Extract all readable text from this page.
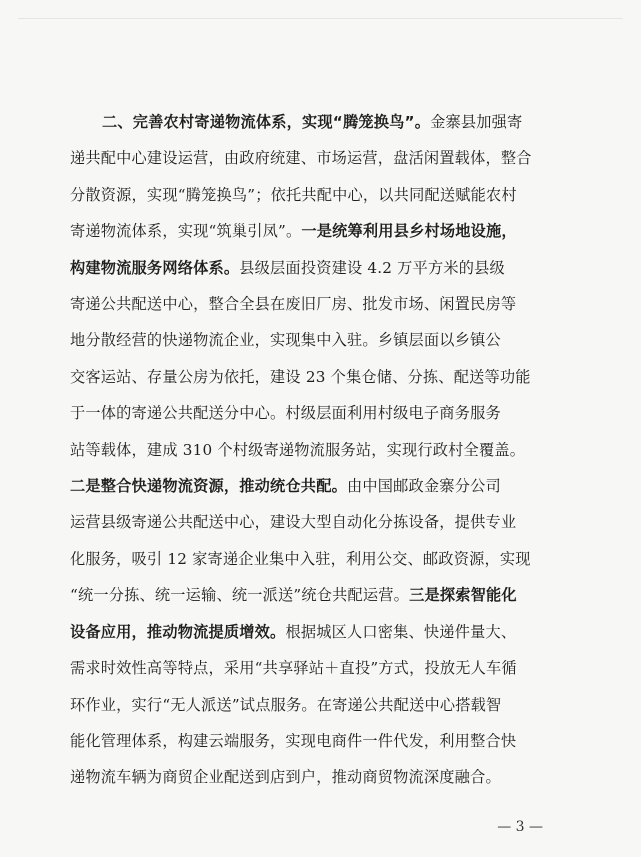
二、完善农村寄递物流体系，实现“腾笼换鸟”。金寨县加强寄
递共配中心建设运营，由政府统建、市场运营，盘活闲置载体，整合
分散资源，实现“腾笼换鸟”；依托共配中心，以共同配送赋能农村
寄递物流体系，实现“筑巢引凤”。一是统筹利用县乡村场地设施，
构建物流服务网络体系。县级层面投资建设 4.2 万平方米的县级
寄递公共配送中心，整合全县在废旧厂房、批发市场、闲置民房等
地分散经营的快递物流企业，实现集中入驻。乡镇层面以乡镇公
交客运站、存量公房为依托，建设 23 个集仓储、分拣、配送等功能
于一体的寄递公共配送分中心。村级层面利用村级电子商务服务
站等载体，建成 310 个村级寄递物流服务站，实现行政村全覆盖。
二是整合快递物流资源，推动统仓共配。由中国邮政金寨分公司
运营县级寄递公共配送中心，建设大型自动化分拣设备，提供专业
化服务，吸引 12 家寄递企业集中入驻，利用公交、邮政资源，实现
“统一分拣、统一运输、统一派送”统仓共配运营。三是探索智能化
设备应用，推动物流提质增效。根据城区人口密集、快递件量大、
需求时效性高等特点，采用“共享驿站＋直投”方式，投放无人车循
环作业，实行“无人派送”试点服务。在寄递公共配送中心搭载智
能化管理体系，构建云端服务，实现电商件一件代发，利用整合快
递物流车辆为商贸企业配送到店到户，推动商贸物流深度融合。
— 3 —
